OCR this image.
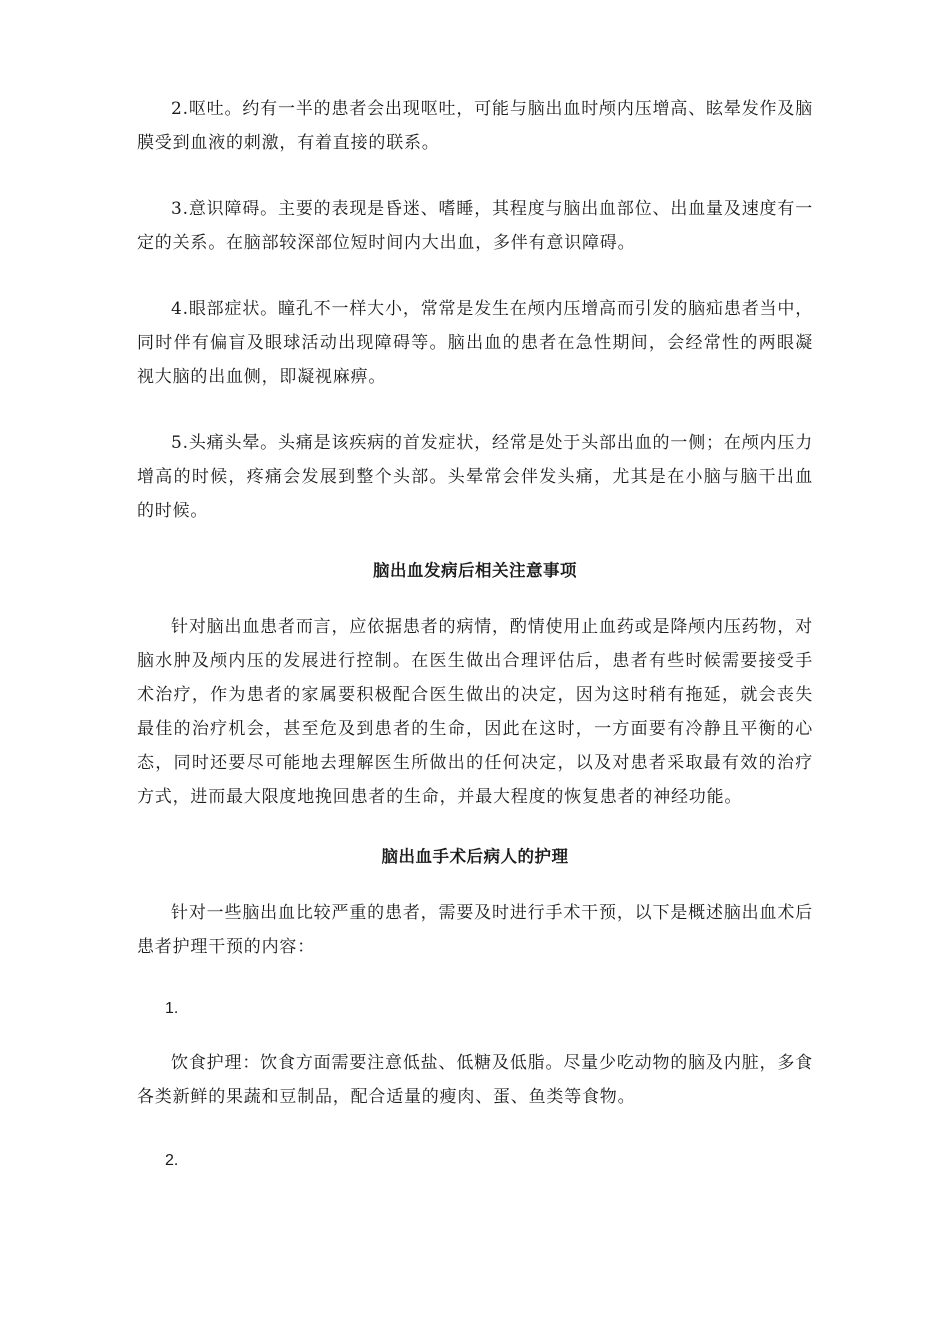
2.呕吐。约有一半的患者会出现呕吐，可能与脑出血时颅内压增高、眩晕发作及脑膜受到血液的刺激，有着直接的联系。

3.意识障碍。主要的表现是昏迷、嗜睡，其程度与脑出血部位、出血量及速度有一定的关系。在脑部较深部位短时间内大出血，多伴有意识障碍。

4.眼部症状。瞳孔不一样大小，常常是发生在颅内压增高而引发的脑疝患者当中，同时伴有偏盲及眼球活动出现障碍等。脑出血的患者在急性期间，会经常性的两眼凝视大脑的出血侧，即凝视麻痹。

5.头痛头晕。头痛是该疾病的首发症状，经常是处于头部出血的一侧；在颅内压力增高的时候，疼痛会发展到整个头部。头晕常会伴发头痛，尤其是在小脑与脑干出血的时候。

脑出血发病后相关注意事项

针对脑出血患者而言，应依据患者的病情，酌情使用止血药或是降颅内压药物，对脑水肿及颅内压的发展进行控制。在医生做出合理评估后，患者有些时候需要接受手术治疗，作为患者的家属要积极配合医生做出的决定，因为这时稍有拖延，就会丧失最佳的治疗机会，甚至危及到患者的生命，因此在这时，一方面要有冷静且平衡的心态，同时还要尽可能地去理解医生所做出的任何决定，以及对患者采取最有效的治疗方式，进而最大限度地挽回患者的生命，并最大程度的恢复患者的神经功能。

脑出血手术后病人的护理

针对一些脑出血比较严重的患者，需要及时进行手术干预，以下是概述脑出血术后患者护理干预的内容：

1.

饮食护理：饮食方面需要注意低盐、低糖及低脂。尽量少吃动物的脑及内脏，多食各类新鲜的果蔬和豆制品，配合适量的瘦肉、蛋、鱼类等食物。

2.
